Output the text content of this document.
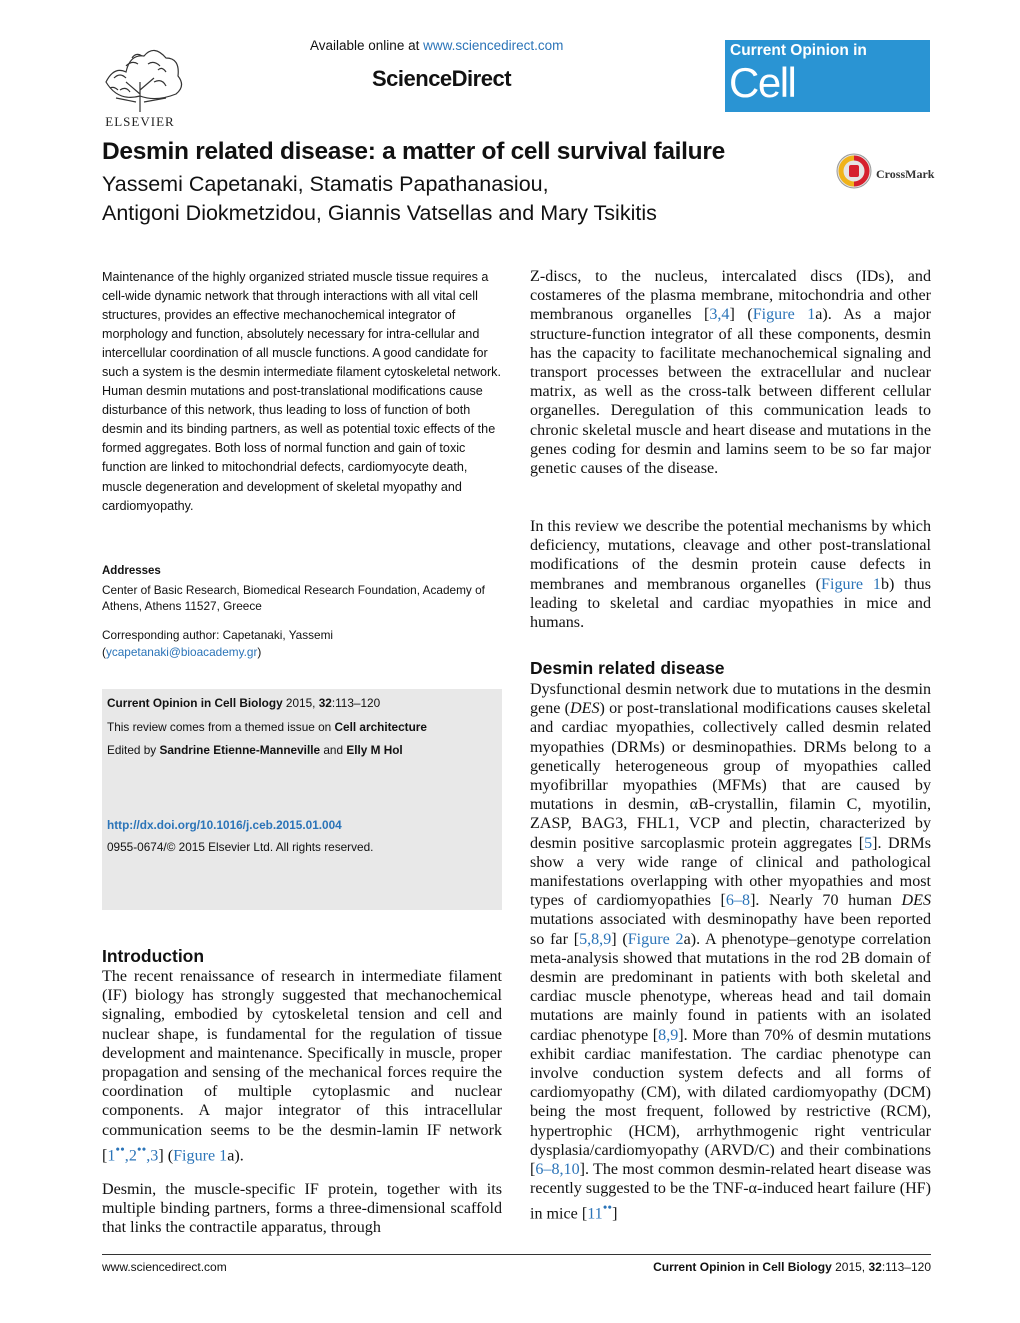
ELSEVIER
Available online at www.sciencedirect.com
ScienceDirect
Current Opinion in
Cell Biology
Desmin related disease: a matter of cell survival failure
Yassemi Capetanaki, Stamatis Papathanasiou,
Antigoni Diokmetzidou, Giannis Vatsellas and Mary Tsikitis
CrossMark
Maintenance of the highly organized striated muscle tissue requires a cell-wide dynamic network that through interactions with all vital cell structures, provides an effective mechanochemical integrator of morphology and function, absolutely necessary for intra-cellular and intercellular coordination of all muscle functions. A good candidate for such a system is the desmin intermediate filament cytoskeletal network. Human desmin mutations and post-translational modifications cause disturbance of this network, thus leading to loss of function of both desmin and its binding partners, as well as potential toxic effects of the formed aggregates. Both loss of normal function and gain of toxic function are linked to mitochondrial defects, cardiomyocyte death, muscle degeneration and development of skeletal myopathy and cardiomyopathy.
Addresses
Center of Basic Research, Biomedical Research Foundation, Academy of Athens, Athens 11527, Greece
Corresponding author: Capetanaki, Yassemi
(ycapetanaki@bioacademy.gr)
Current Opinion in Cell Biology 2015, 32:113–120
This review comes from a themed issue on Cell architecture
Edited by Sandrine Etienne-Manneville and Elly M Hol
http://dx.doi.org/10.1016/j.ceb.2015.01.004
0955-0674/© 2015 Elsevier Ltd. All rights reserved.
Introduction
The recent renaissance of research in intermediate filament (IF) biology has strongly suggested that mechanochemical signaling, embodied by cytoskeletal tension and cell and nuclear shape, is fundamental for the regulation of tissue development and maintenance. Specifically in muscle, proper propagation and sensing of the mechanical forces require the coordination of multiple cytoplasmic and nuclear components. A major integrator of this intracellular communication seems to be the desmin-lamin IF network [1••,2••,3] (Figure 1a).
Desmin, the muscle-specific IF protein, together with its multiple binding partners, forms a three-dimensional scaffold that links the contractile apparatus, through
Z-discs, to the nucleus, intercalated discs (IDs), and costameres of the plasma membrane, mitochondria and other membranous organelles [3,4] (Figure 1a). As a major structure-function integrator of all these components, desmin has the capacity to facilitate mechanochemical signaling and transport processes between the extracellular and nuclear matrix, as well as the cross-talk between different cellular organelles. Deregulation of this communication leads to chronic skeletal muscle and heart disease and mutations in the genes coding for desmin and lamins seem to be so far major genetic causes of the disease.
In this review we describe the potential mechanisms by which deficiency, mutations, cleavage and other post-translational modifications of the desmin protein cause defects in membranes and membranous organelles (Figure 1b) thus leading to skeletal and cardiac myopathies in mice and humans.
Desmin related disease
Dysfunctional desmin network due to mutations in the desmin gene (DES) or post-translational modifications causes skeletal and cardiac myopathies, collectively called desmin related myopathies (DRMs) or desminopathies. DRMs belong to a genetically heterogeneous group of myopathies called myofibrillar myopathies (MFMs) that are caused by mutations in desmin, αB-crystallin, filamin C, myotilin, ZASP, BAG3, FHL1, VCP and plectin, characterized by desmin positive sarcoplasmic protein aggregates [5]. DRMs show a very wide range of clinical and pathological manifestations overlapping with other myopathies and most types of cardiomyopathies [6–8]. Nearly 70 human DES mutations associated with desminopathy have been reported so far [5,8,9] (Figure 2a). A phenotype–genotype correlation meta-analysis showed that mutations in the rod 2B domain of desmin are predominant in patients with both skeletal and cardiac muscle phenotype, whereas head and tail domain mutations are mainly found in patients with an isolated cardiac phenotype [8,9]. More than 70% of desmin mutations exhibit cardiac manifestation. The cardiac phenotype can involve conduction system defects and all forms of cardiomyopathy (CM), with dilated cardiomyopathy (DCM) being the most frequent, followed by restrictive (RCM), hypertrophic (HCM), arrhythmogenic right ventricular dysplasia/cardiomyopathy (ARVD/C) and their combinations [6–8,10]. The most common desmin-related heart disease was recently suggested to be the TNF-α-induced heart failure (HF) in mice [11••]
www.sciencedirect.com	Current Opinion in Cell Biology 2015, 32:113–120
